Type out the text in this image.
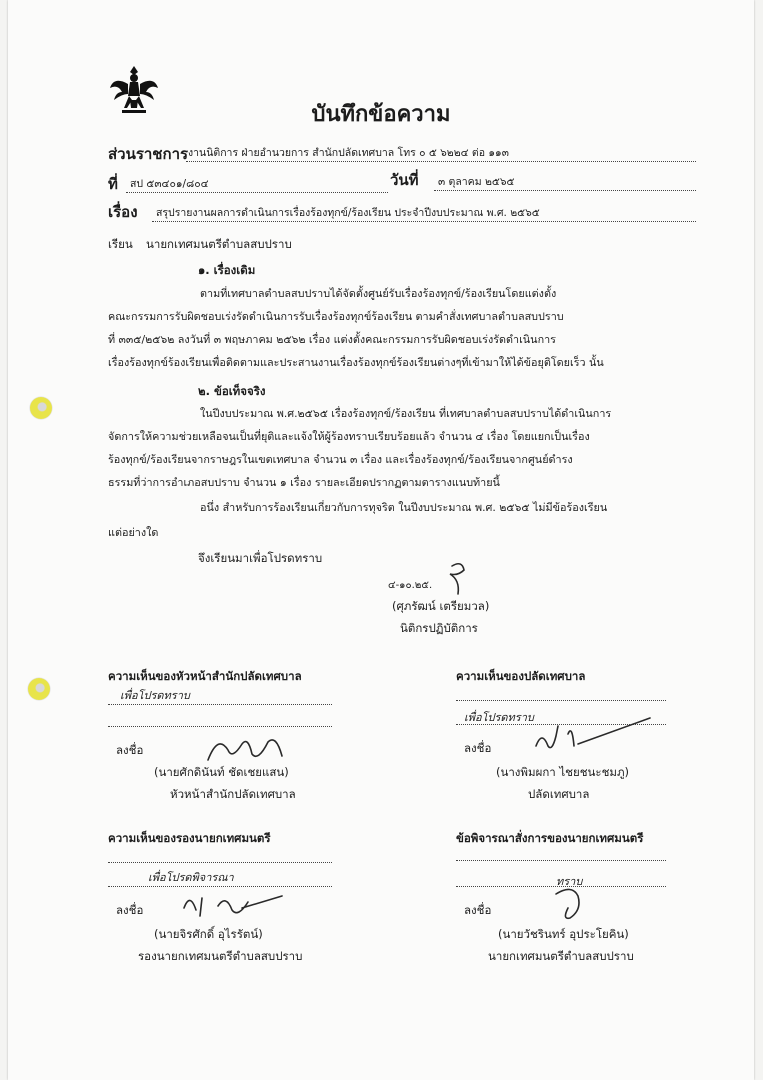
บันทึกข้อความ
ส่วนราชการ งานนิติการ ฝ่ายอำนวยการ สำนักปลัดเทศบาล โทร ๐ ๕ ๖๒๒๔ ต่อ ๑๑๓
ที่ สป ๕๓๔๐๑/๘๐๔	วันที่ ๓ ตุลาคม ๒๕๖๕
เรื่อง สรุปรายงานผลการดำเนินการเรื่องร้องทุกข์/ร้องเรียน ประจำปีงบประมาณ พ.ศ. ๒๕๖๕
เรียน นายกเทศมนตรีตำบลสบปราบ
๑. เรื่องเดิม
ตามที่เทศบาลตำบลสบปราบได้จัดตั้งศูนย์รับเรื่องร้องทุกข์/ร้องเรียนโดยแต่งตั้ง
คณะกรรมการรับผิดชอบเร่งรัดดำเนินการรับเรื่องร้องทุกข์ร้องเรียน ตามคำสั่งเทศบาลตำบลสบปราบ
ที่ ๓๓๕/๒๕๖๒ ลงวันที่ ๓ พฤษภาคม ๒๕๖๒ เรื่อง แต่งตั้งคณะกรรมการรับผิดชอบเร่งรัดดำเนินการ
เรื่องร้องทุกข์ร้องเรียนเพื่อติดตามและประสานงานเรื่องร้องทุกข์ร้องเรียนต่างๆที่เข้ามาให้ได้ข้อยุติโดยเร็ว นั้น
๒. ข้อเท็จจริง
ในปีงบประมาณ พ.ศ.๒๕๖๕ เรื่องร้องทุกข์/ร้องเรียน ที่เทศบาลตำบลสบปราบได้ดำเนินการ
จัดการให้ความช่วยเหลือจนเป็นที่ยุติและแจ้งให้ผู้ร้องทราบเรียบร้อยแล้ว จำนวน ๔ เรื่อง โดยแยกเป็นเรื่อง
ร้องทุกข์/ร้องเรียนจากราษฎรในเขตเทศบาล จำนวน ๓ เรื่อง และเรื่องร้องทุกข์/ร้องเรียนจากศูนย์ดำรง
ธรรมที่ว่าการอำเภอสบปราบ จำนวน ๑ เรื่อง รายละเอียดปรากฏตามตารางแนบท้ายนี้
อนึ่ง สำหรับการร้องเรียนเกี่ยวกับการทุจริต ในปีงบประมาณ พ.ศ. ๒๕๖๕ ไม่มีข้อร้องเรียน
แต่อย่างใด
จึงเรียนมาเพื่อโปรดทราบ
๔-๑๐.๒๕.
(ศุภรัฒน์ เตรียมวล)
นิติกรปฏิบัติการ
ความเห็นของหัวหน้าสำนักปลัดเทศบาล
เพื่อโปรดทราบ
ลงชื่อ
(นายศักดินันท์ ชัดเชยแสน)
หัวหน้าสำนักปลัดเทศบาล
ความเห็นของปลัดเทศบาล
เพื่อโปรดทราบ
ลงชื่อ
(นางพิมผกา ไชยชนะชมภู)
ปลัดเทศบาล
ความเห็นของรองนายกเทศมนตรี
เพื่อโปรดพิจารณา
ลงชื่อ
(นายจิรศักดิ์ อุไรรัตน์)
รองนายกเทศมนตรีตำบลสบปราบ
ข้อพิจารณาสั่งการของนายกเทศมนตรี
ทราบ
ลงชื่อ
(นายวัชรินทร์ อุประโยคิน)
นายกเทศมนตรีตำบลสบปราบ
